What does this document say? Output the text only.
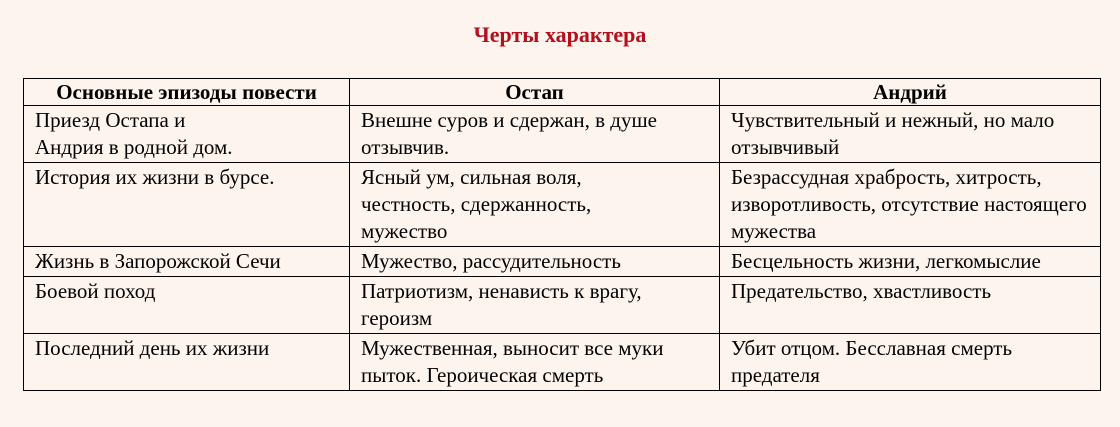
Черты характера
Основные эпизоды повести	Остап	Андрий
Приезд Остапа и Андрия в родной дом.	Внешне суров и сдержан, в душе отзывчив.	Чувствительный и нежный, но мало отзывчивый
История их жизни в бурсе.	Ясный ум, сильная воля, честность, сдержанность, мужество	Безрассудная храбрость, хитрость, изворотливость, отсутствие настоящего мужества
Жизнь в Запорожской Сечи	Мужество, рассудительность	Бесцельность жизни, легкомыслие
Боевой поход	Патриотизм, ненависть к врагу, героизм	Предательство, хвастливость
Последний день их жизни	Мужественная, выносит все муки пыток. Героическая смерть	Убит отцом. Бесславная смерть предателя
